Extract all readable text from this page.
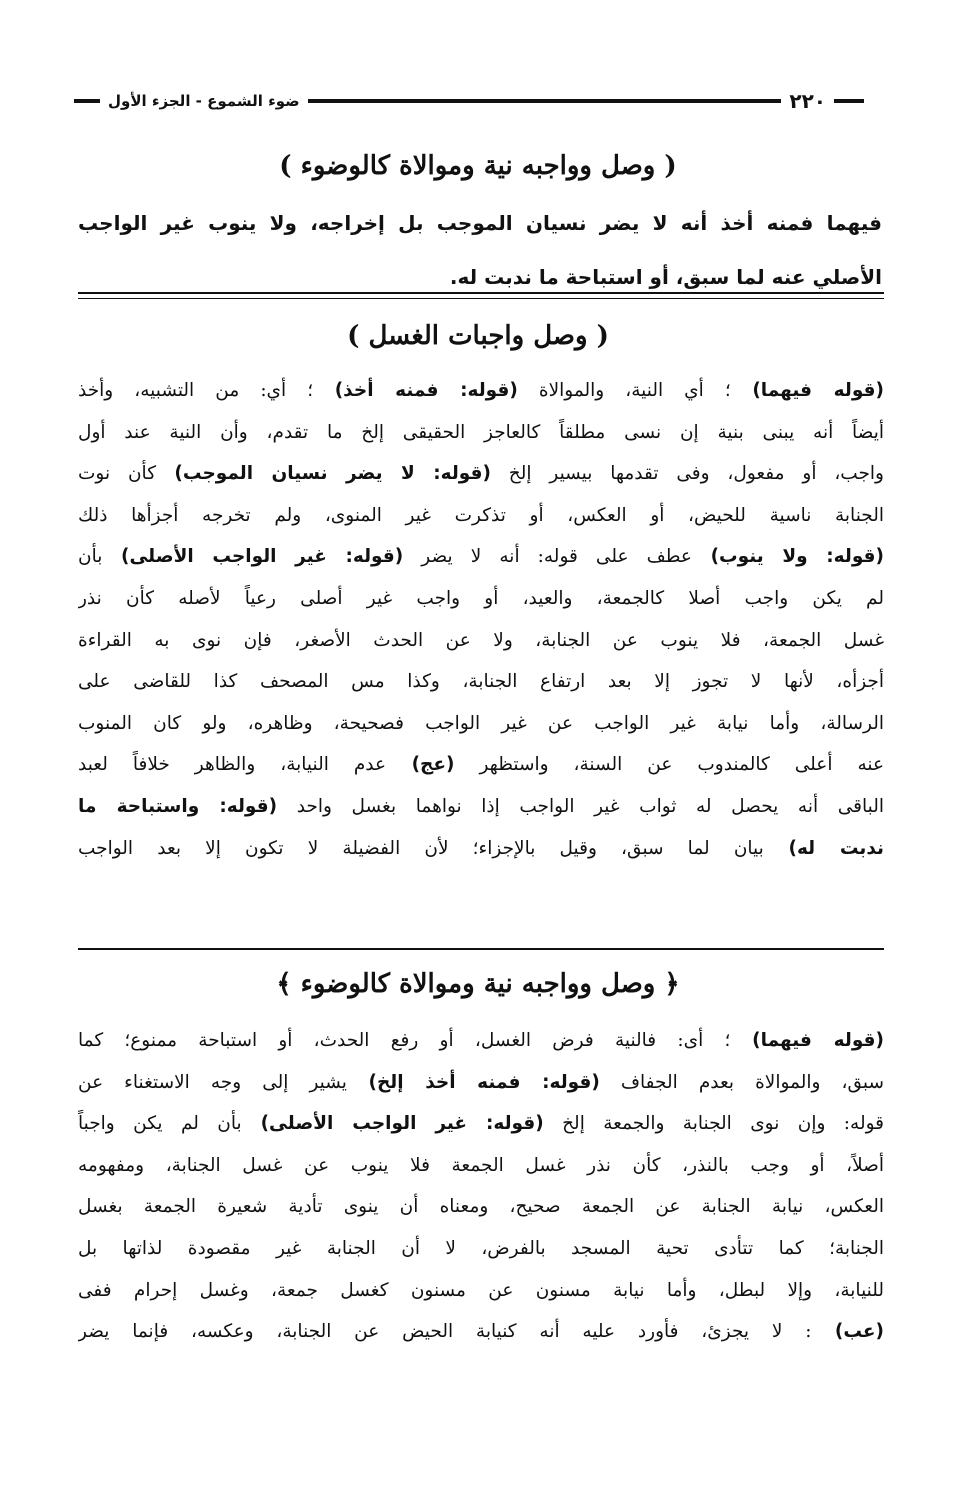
٢٢٠
ضوء الشموع - الجزء الأول
( وصل وواجبه نية وموالاة كالوضوء )
فيهما فمنه أخذ أنه لا يضر نسيان الموجب بل إخراجه، ولا ينوب غير الواجب
الأصلي عنه لما سبق، أو استباحة ما ندبت له.
( وصل واجبات الغسل )
(قوله فيهما) ؛ أي النية، والموالاة (قوله: فمنه أخذ) ؛ أي: من التشبيه، وأخذ
أيضاً أنه يبنى بنية إن نسى مطلقاً كالعاجز الحقيقى إلخ ما تقدم، وأن النية عند أول
واجب، أو مفعول، وفى تقدمها بيسير إلخ (قوله: لا يضر نسيان الموجب) كأن نوت
الجنابة ناسية للحيض، أو العكس، أو تذكرت غير المنوى، ولم تخرجه أجزأها ذلك
(قوله: ولا ينوب) عطف على قوله: أنه لا يضر (قوله: غير الواجب الأصلى) بأن
لم يكن واجب أصلا كالجمعة، والعيد، أو واجب غير أصلى رعياً لأصله كأن نذر
غسل الجمعة، فلا ينوب عن الجنابة، ولا عن الحدث الأصغر، فإن نوى به القراءة
أجزأه، لأنها لا تجوز إلا بعد ارتفاع الجنابة، وكذا مس المصحف كذا للقاضى على
الرسالة، وأما نيابة غير الواجب عن غير الواجب فصحيحة، وظاهره، ولو كان المنوب
عنه أعلى كالمندوب عن السنة، واستظهر (عج) عدم النيابة، والظاهر خلافاً لعبد
الباقى أنه يحصل له ثواب غير الواجب إذا نواهما بغسل واحد (قوله: واستباحة ما
ندبت له) بيان لما سبق، وقيل بالإجزاء؛ لأن الفضيلة لا تكون إلا بعد الواجب
﴿ وصل وواجبه نية وموالاة كالوضوء ﴾
(قوله فيهما) ؛ أى: فالنية فرض الغسل، أو رفع الحدث، أو استباحة ممنوع؛ كما
سبق، والموالاة بعدم الجفاف (قوله: فمنه أخذ إلخ) يشير إلى وجه الاستغناء عن
قوله: وإن نوى الجنابة والجمعة إلخ (قوله: غير الواجب الأصلى) بأن لم يكن واجباً
أصلاً، أو وجب بالنذر، كأن نذر غسل الجمعة فلا ينوب عن غسل الجنابة، ومفهومه
العكس، نيابة الجنابة عن الجمعة صحيح، ومعناه أن ينوى تأدية شعيرة الجمعة بغسل
الجنابة؛ كما تتأدى تحية المسجد بالفرض، لا أن الجنابة غير مقصودة لذاتها بل
للنيابة، وإلا لبطل، وأما نيابة مسنون عن مسنون كغسل جمعة، وغسل إحرام ففى
(عب) : لا يجزئ، فأورد عليه أنه كنيابة الحيض عن الجنابة، وعكسه، فإنما يضر
